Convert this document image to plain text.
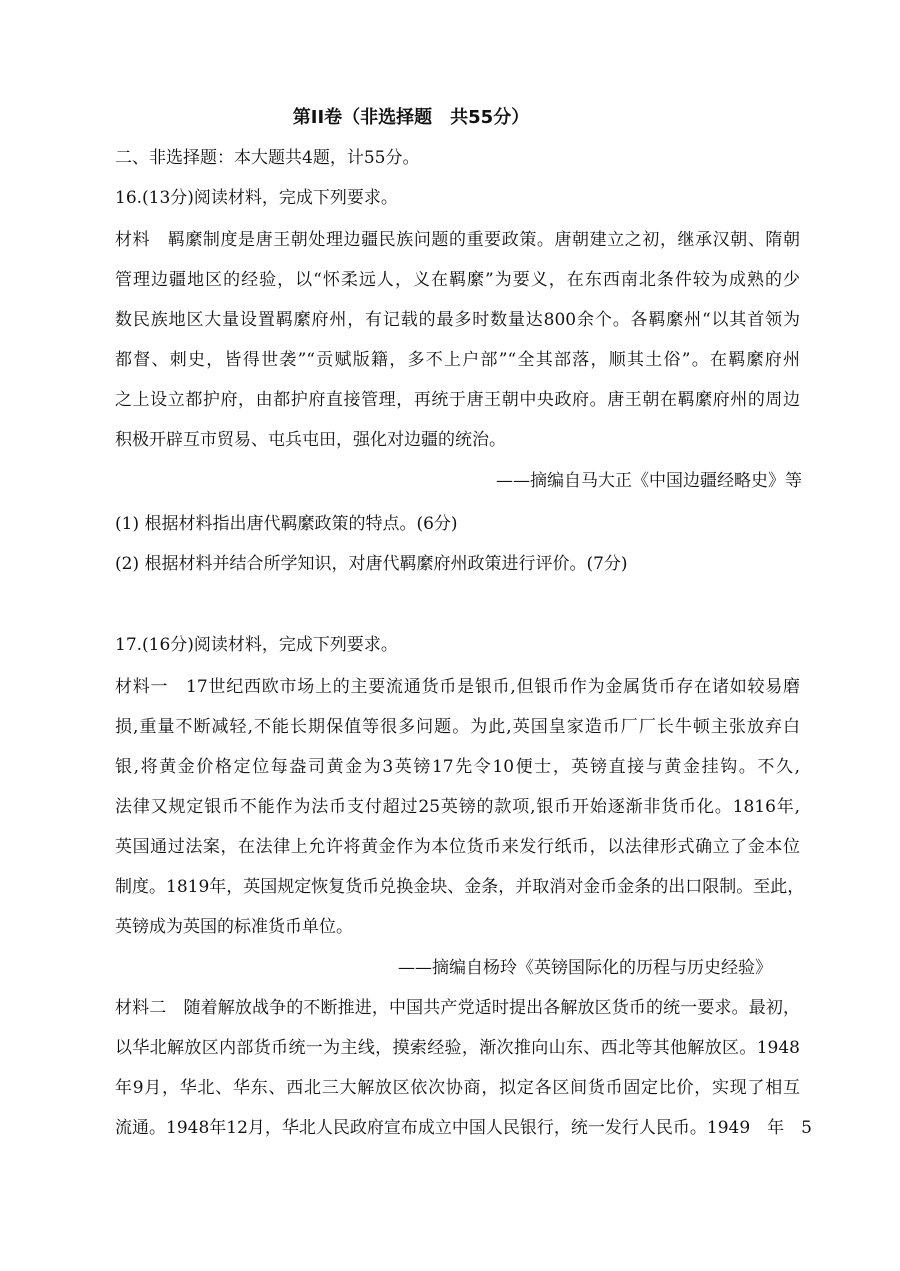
第II卷（非选择题　共55分）
二、非选择题：本大题共4题，计55分。
16.(13分)阅读材料，完成下列要求。
材料　羁縻制度是唐王朝处理边疆民族问题的重要政策。唐朝建立之初，继承汉朝、隋朝
管理边疆地区的经验，以“怀柔远人，义在羁縻”为要义，在东西南北条件较为成熟的少
数民族地区大量设置羁縻府州，有记载的最多时数量达800余个。各羁縻州“以其首领为
都督、刺史，皆得世袭”“贡赋版籍，多不上户部”“全其部落，顺其土俗”。在羁縻府州
之上设立都护府，由都护府直接管理，再统于唐王朝中央政府。唐王朝在羁縻府州的周边
积极开辟互市贸易、屯兵屯田，强化对边疆的统治。
——摘编自马大正《中国边疆经略史》等
(1) 根据材料指出唐代羁縻政策的特点。(6分)
(2) 根据材料并结合所学知识，对唐代羁縻府州政策进行评价。(7分)
17.(16分)阅读材料，完成下列要求。
材料一　17世纪西欧市场上的主要流通货币是银币,但银币作为金属货币存在诸如较易磨
损,重量不断减轻,不能长期保值等很多问题。为此,英国皇家造币厂厂长牛顿主张放弃白
银,将黄金价格定位每盎司黄金为3英镑17先令10便士，英镑直接与黄金挂钩。不久,
法律又规定银币不能作为法币支付超过25英镑的款项,银币开始逐渐非货币化。1816年,
英国通过法案，在法律上允许将黄金作为本位货币来发行纸币，以法律形式确立了金本位
制度。1819年，英国规定恢复货币兑换金块、金条，并取消对金币金条的出口限制。至此，
英镑成为英国的标准货币单位。
——摘编自杨玲《英镑国际化的历程与历史经验》
材料二　随着解放战争的不断推进，中国共产党适时提出各解放区货币的统一要求。最初，
以华北解放区内部货币统一为主线，摸索经验，渐次推向山东、西北等其他解放区。1948
年9月，华北、华东、西北三大解放区依次协商，拟定各区间货币固定比价，实现了相互
流通。1948年12月，华北人民政府宣布成立中国人民银行，统一发行人民币。1949　年　5
